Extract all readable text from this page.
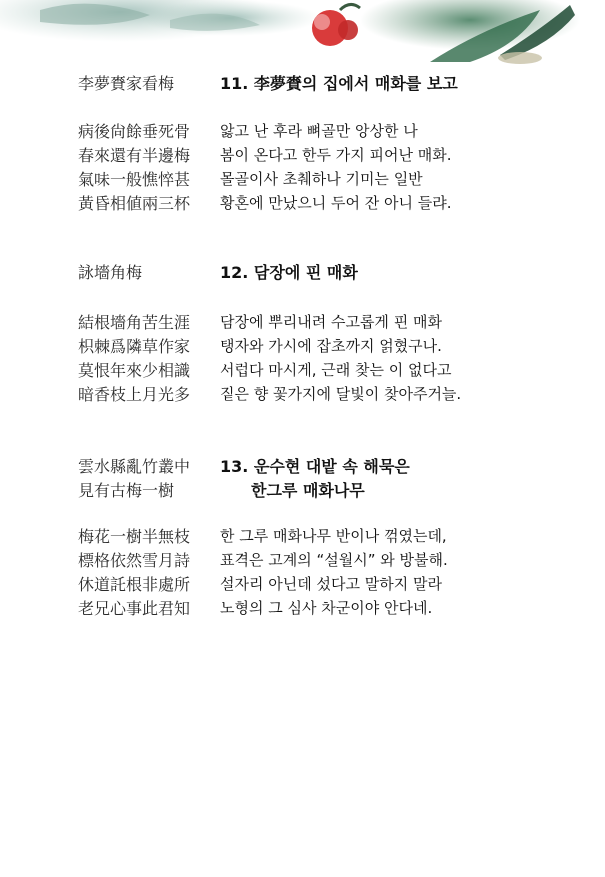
李夢賚家看梅	11. 李夢賚의 집에서 매화를 보고
病後尙餘垂死骨
春來還有半邊梅
氣味一般憔悴甚
黃昏相値兩三杯
앓고 난 후라 뼈골만 앙상한 나
봄이 온다고 한두 가지 피어난 매화.
몰골이사 초췌하나 기미는 일반
황혼에 만났으니 두어 잔 아니 들랴.
詠墻角梅	12. 담장에 핀 매화
結根墻角苦生涯
枳棘爲隣草作家
莫恨年來少相識
暗香枝上月光多
담장에 뿌리내려 수고롭게 핀 매화
탱자와 가시에 잡초까지 얽혔구나.
서럽다 마시게, 근래 찾는 이 없다고
짙은 향 꽃가지에 달빛이 찾아주거늘.
雲水縣亂竹叢中
見有古梅一樹
13. 운수현 대밭 속 해묵은
한그루 매화나무
梅花一樹半無枝
標格依然雪月詩
休道託根非處所
老兄心事此君知
한 그루 매화나무 반이나 꺾였는데,
표격은 고계의 “설월시” 와 방불해.
설자리 아닌데 섰다고 말하지 말라
노형의 그 심사 차군이야 안다네.
